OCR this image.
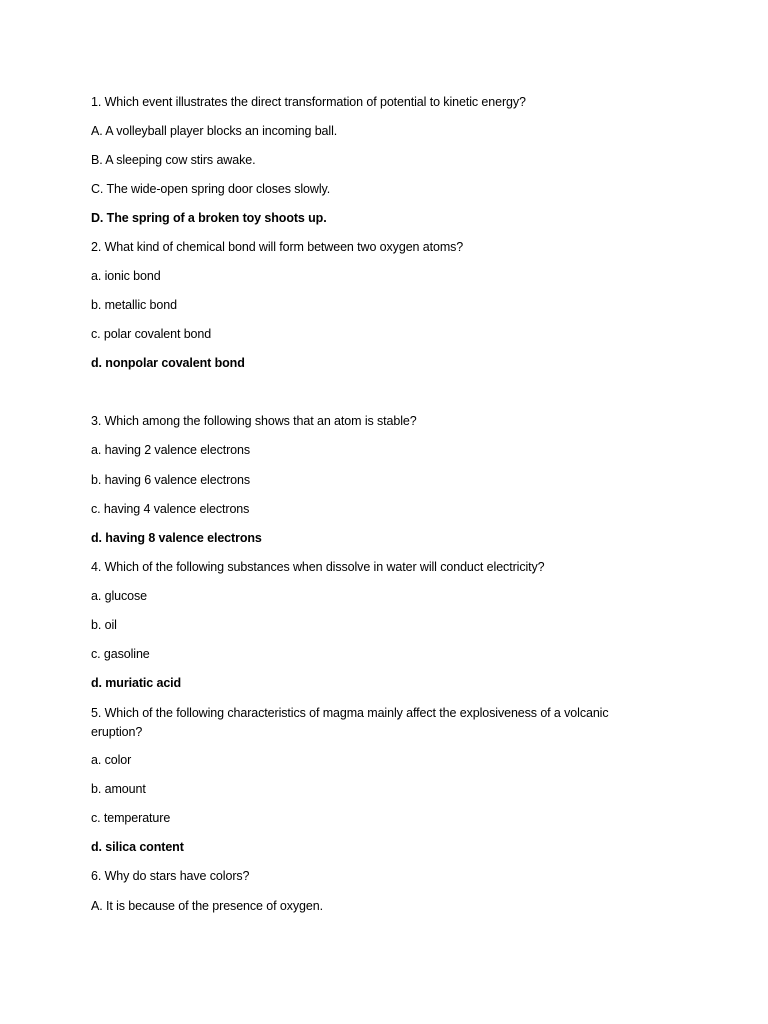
1. Which event illustrates the direct transformation of potential to kinetic energy?
A. A volleyball player blocks an incoming ball.
B. A sleeping cow stirs awake.
C. The wide-open spring door closes slowly.
D. The spring of a broken toy shoots up.
2. What kind of chemical bond will form between two oxygen atoms?
a. ionic bond
b. metallic bond
c. polar covalent bond
d. nonpolar covalent bond
3. Which among the following shows that an atom is stable?
a. having 2 valence electrons
b. having 6 valence electrons
c. having 4 valence electrons
d. having 8 valence electrons
4. Which of the following substances when dissolve in water will conduct electricity?
a. glucose
b. oil
c. gasoline
d. muriatic acid
5. Which of the following characteristics of magma mainly affect the explosiveness of a volcanic eruption?
a. color
b. amount
c. temperature
d. silica content
6. Why do stars have colors?
A. It is because of the presence of oxygen.
